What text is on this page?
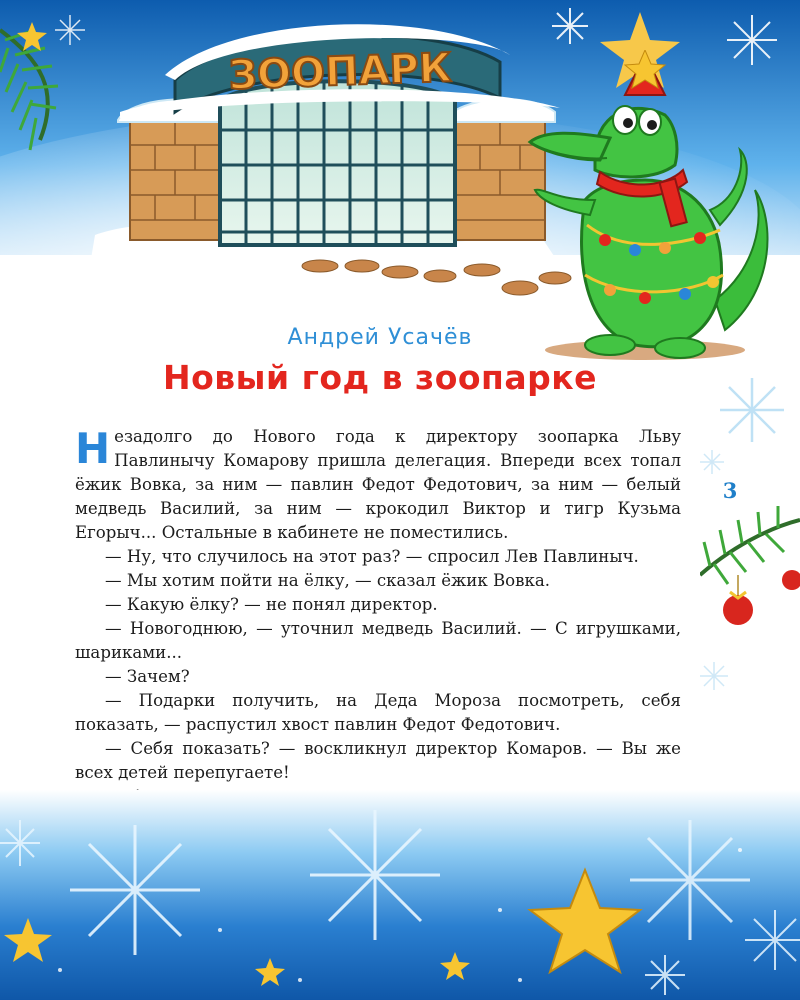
ЗООПАРК
Андрей Усачёв
Новый год в зоопарке
3

Незадолго до Нового года к директору зоопарка Льву Павлинычу Комарову пришла делегация. Впереди всех топал ёжик Вовка, за ним — павлин Федот Федотович, за ним — белый медведь Василий, за ним — крокодил Виктор и тигр Кузьма Егорыч... Остальные в кабинете не поместились.

— Ну, что случилось на этот раз? — спросил Лев Павлиныч.

— Мы хотим пойти на ёлку, — сказал ёжик Вовка.

— Какую ёлку? — не понял директор.

— Новогоднюю, — уточнил медведь Василий. — С игрушками, шариками...

— Зачем?

— Подарки получить, на Деда Мороза посмотреть, себя показать, — распустил хвост павлин Федот Федотович.

— Себя показать? — воскликнул директор Комаров. — Вы же всех детей перепугаете!
